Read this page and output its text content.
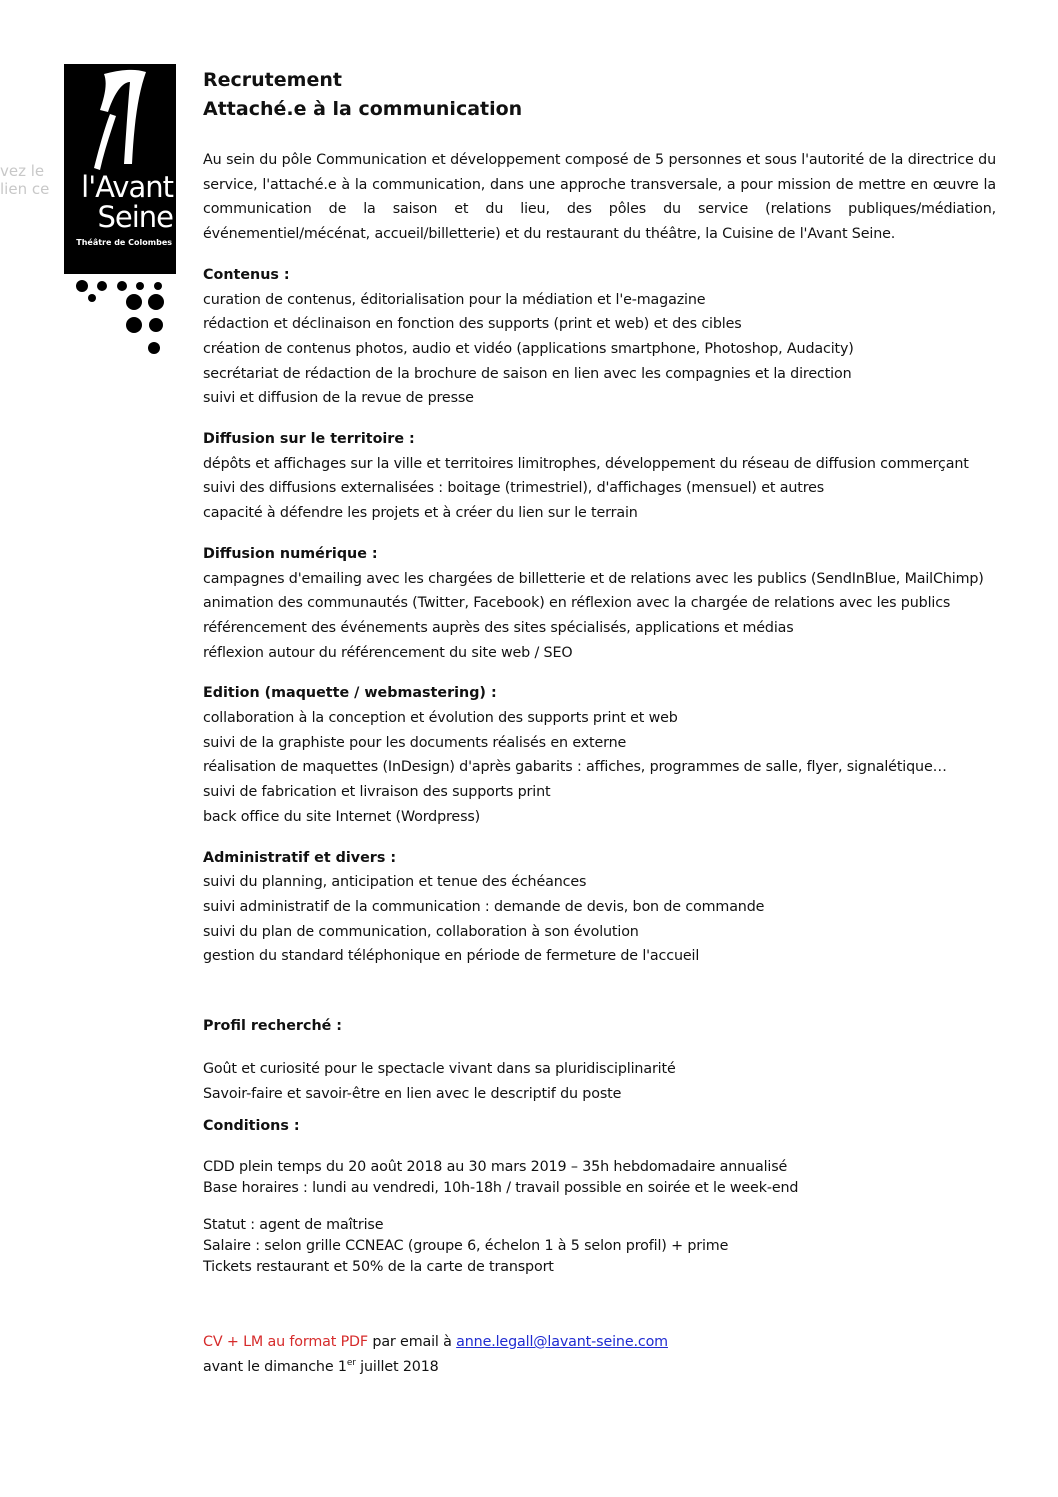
vez le
lien ce	l'Avant
Seine
Théâtre de Colombes
Recrutement
Attaché.e à la communication
Au sein du pôle Communication et développement composé de 5 personnes et sous l'autorité de la directrice du service, l'attaché.e à la communication, dans une approche transversale, a pour mission de mettre en œuvre la communication de la saison et du lieu, des pôles du service (relations publiques/médiation, événementiel/mécénat, accueil/billetterie) et du restaurant du théâtre, la Cuisine de l'Avant Seine.
Contenus :
curation de contenus, éditorialisation pour la médiation et l'e-magazine
rédaction et déclinaison en fonction des supports (print et web) et des cibles
création de contenus photos, audio et vidéo (applications smartphone, Photoshop, Audacity)
secrétariat de rédaction de la brochure de saison en lien avec les compagnies et la direction
suivi et diffusion de la revue de presse
Diffusion sur le territoire :
dépôts et affichages sur la ville et territoires limitrophes, développement du réseau de diffusion commerçant
suivi des diffusions externalisées : boitage (trimestriel), d'affichages (mensuel) et autres
capacité à défendre les projets et à créer du lien sur le terrain
Diffusion numérique :
campagnes d'emailing avec les chargées de billetterie et de relations avec les publics (SendInBlue, MailChimp)
animation des communautés (Twitter, Facebook) en réflexion avec la chargée de relations avec les publics
référencement des événements auprès des sites spécialisés, applications et médias
réflexion autour du référencement du site web / SEO
Edition (maquette / webmastering) :
collaboration à la conception et évolution des supports print et web
suivi de la graphiste pour les documents réalisés en externe
réalisation de maquettes (InDesign) d'après gabarits : affiches, programmes de salle, flyer, signalétique…
suivi de fabrication et livraison des supports print
back office du site Internet (Wordpress)
Administratif et divers :
suivi du planning, anticipation et tenue des échéances
suivi administratif de la communication : demande de devis, bon de commande
suivi du plan de communication, collaboration à son évolution
gestion du standard téléphonique en période de fermeture de l'accueil
Profil recherché :
Goût et curiosité pour le spectacle vivant dans sa pluridisciplinarité
Savoir-faire et savoir-être en lien avec le descriptif du poste
Conditions :
CDD plein temps du 20 août 2018 au 30 mars 2019 – 35h hebdomadaire annualisé
Base horaires : lundi au vendredi, 10h-18h / travail possible en soirée et le week-end
Statut : agent de maîtrise
Salaire : selon grille CCNEAC (groupe 6, échelon 1 à 5 selon profil) + prime
Tickets restaurant et 50% de la carte de transport
CV + LM au format PDF par email à anne.legall@lavant-seine.com
avant le dimanche 1er juillet 2018
